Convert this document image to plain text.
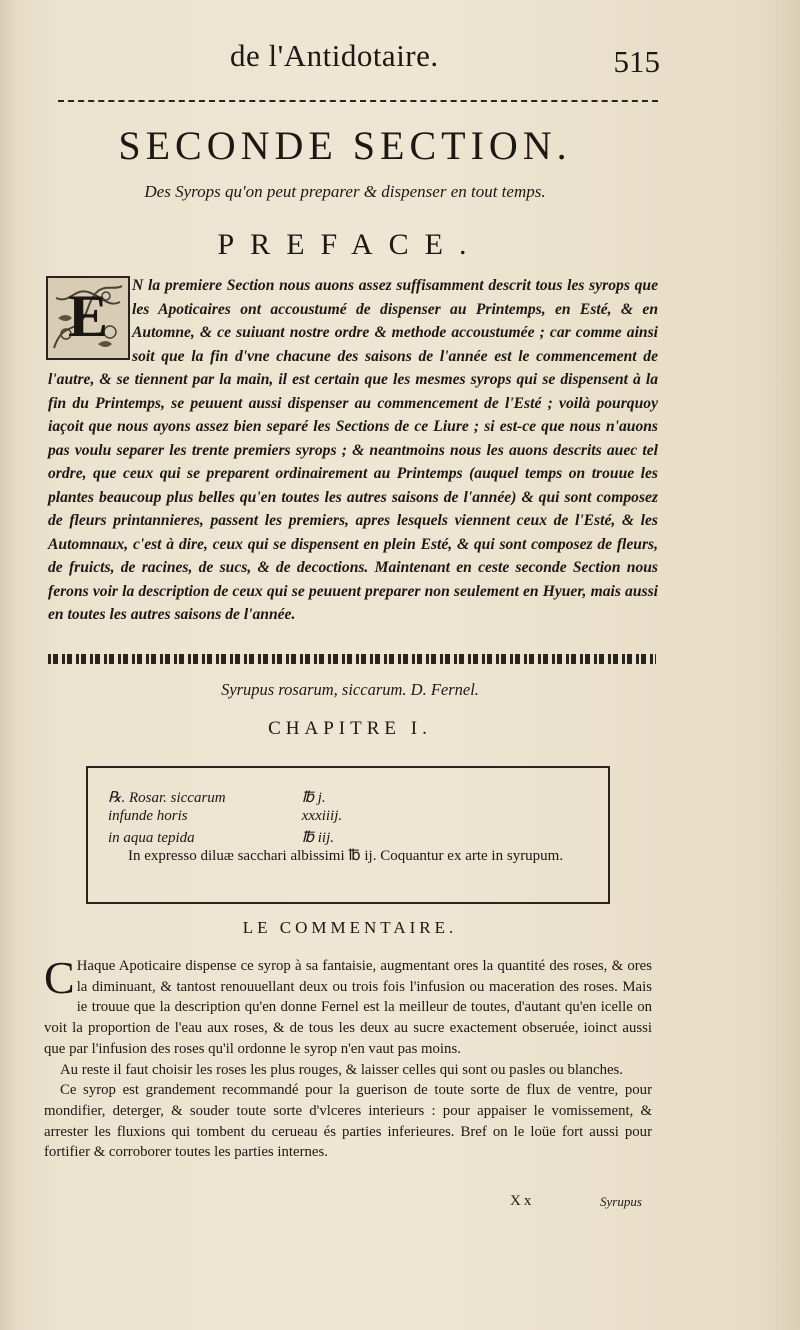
de l'Antidotaire.	515
SECONDE SECTION.
Des Syrops qu'on peut preparer & dispenser en tout temps.
PREFACE.
E	N la premiere Section nous auons assez suffisamment descrit tous les syrops que les Apoticaires ont accoustumé de dispenser au Printemps, en Esté, & en Automne, & ce suiuant nostre ordre & methode accoustumée ; car comme ainsi soit que la fin d'vne chacune des saisons de l'année est le commencement de l'autre, & se tiennent par la main, il est certain que les mesmes syrops qui se dispensent à la fin du Printemps, se peuuent aussi dispenser au commencement de l'Esté ; voilà pourquoy iaçoit que nous ayons assez bien separé les Sections de ce Liure ; si est-ce que nous n'auons pas voulu separer les trente premiers syrops ; & neantmoins nous les auons descrits auec tel ordre, que ceux qui se preparent ordinairement au Printemps (auquel temps on trouue les plantes beaucoup plus belles qu'en toutes les autres saisons de l'année) & qui sont composez de fleurs printannieres, passent les premiers, apres lesquels viennent ceux de l'Esté, & les Automnaux, c'est à dire, ceux qui se dispensent en plein Esté, & qui sont composez de fleurs, de fruicts, de racines, de sucs, & de decoctions. Maintenant en ceste seconde Section nous ferons voir la description de ceux qui se peuuent preparer non seulement en Hyuer, mais aussi en toutes les autres saisons de l'année.
Syrupus rosarum, siccarum. D. Fernel.
CHAPITRE I.
℞. Rosar. siccarum	℔ j.
infunde horis	xxxiiij.
in aqua tepida	℔ iij.
In expresso diluæ sacchari albissimi ℔ ij. Coquantur ex arte in syrupum.
LE COMMENTAIRE.

C Haque Apoticaire dispense ce syrop à sa fantaisie, augmentant ores la quantité des roses, & ores la diminuant, & tantost renouuellant deux ou trois fois l'infusion ou maceration des roses. Mais ie trouue que la description qu'en donne Fernel est la meilleur de toutes, d'autant qu'en icelle on voit la proportion de l'eau aux roses, & de tous les deux au sucre exactement obseruée, ioinct aussi que par l'infusion des roses qu'il ordonne le syrop n'en vaut pas moins.

Au reste il faut choisir les roses les plus rouges, & laisser celles qui sont ou pasles ou blanches.

Ce syrop est grandement recommandé pour la guerison de toute sorte de flux de ventre, pour mondifier, deterger, & souder toute sorte d'vlceres interieurs : pour appaiser le vomissement, & arrester les fluxions qui tombent du cerueau és parties inferieures. Bref on le loüe fort aussi pour fortifier & corroborer toutes les parties internes.

Xx	Syrupus
